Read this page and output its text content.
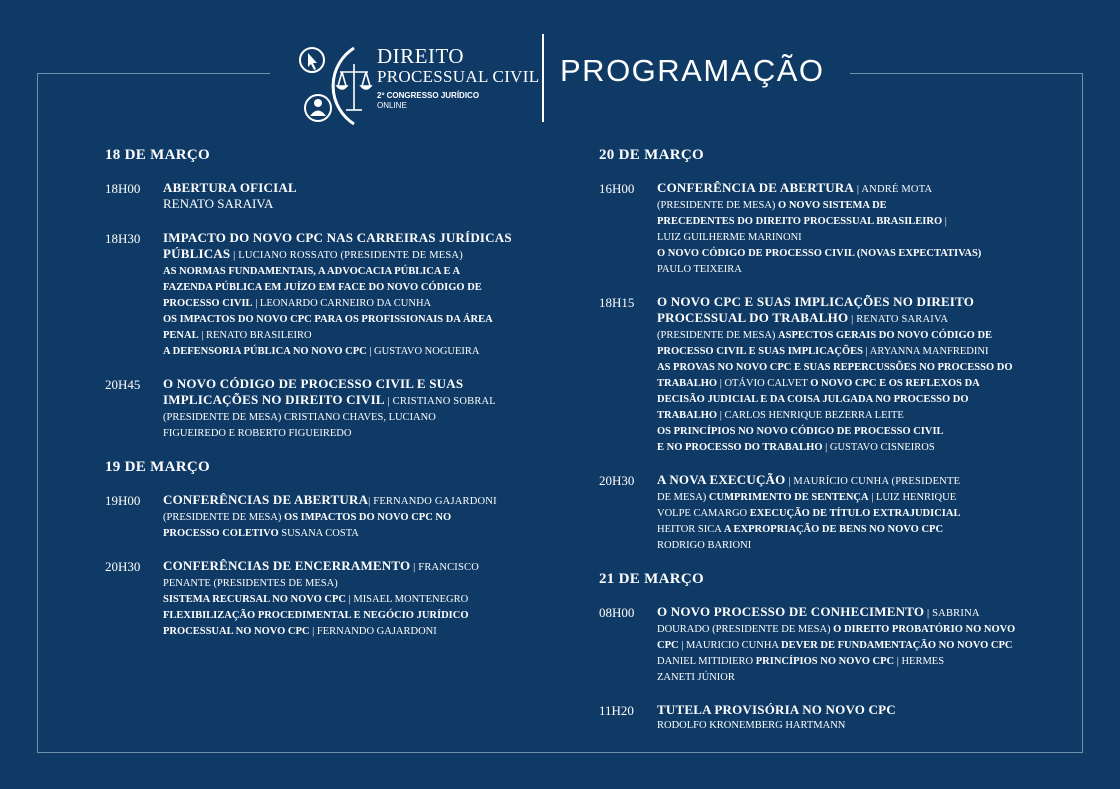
DIREITO
PROCESSUAL CIVIL
2º CONGRESSO JURÍDICO
ONLINE
PROGRAMAÇÃO
18 DE MARÇO
18H00	ABERTURA OFICIAL
RENATO SARAIVA
18H30	IMPACTO DO NOVO CPC NAS CARREIRAS JURÍDICAS
PÚBLICAS | LUCIANO ROSSATO (PRESIDENTE DE MESA)
AS NORMAS FUNDAMENTAIS, A ADVOCACIA PÚBLICA E A
FAZENDA PÚBLICA EM JUÍZO EM FACE DO NOVO CÓDIGO DE
PROCESSO CIVIL | LEONARDO CARNEIRO DA CUNHA
OS IMPACTOS DO NOVO CPC PARA OS PROFISSIONAIS DA ÁREA
PENAL | RENATO BRASILEIRO
A DEFENSORIA PÚBLICA NO NOVO CPC | GUSTAVO NOGUEIRA
20H45	O NOVO CÓDIGO DE PROCESSO CIVIL E SUAS
IMPLICAÇÕES NO DIREITO CIVIL | CRISTIANO SOBRAL
(PRESIDENTE DE MESA) CRISTIANO CHAVES, LUCIANO
FIGUEIREDO E ROBERTO FIGUEIREDO
19 DE MARÇO
19H00	CONFERÊNCIAS DE ABERTURA| FERNANDO GAJARDONI
(PRESIDENTE DE MESA) OS IMPACTOS DO NOVO CPC NO
PROCESSO COLETIVO SUSANA COSTA
20H30	CONFERÊNCIAS DE ENCERRAMENTO | FRANCISCO
PENANTE (PRESIDENTES DE MESA)
SISTEMA RECURSAL NO NOVO CPC | MISAEL MONTENEGRO
FLEXIBILIZAÇÃO PROCEDIMENTAL E NEGÓCIO JURÍDICO
PROCESSUAL NO NOVO CPC | FERNANDO GAJARDONI
20 DE MARÇO
16H00	CONFERÊNCIA DE ABERTURA | ANDRÉ MOTA
(PRESIDENTE DE MESA) O NOVO SISTEMA DE
PRECEDENTES DO DIREITO PROCESSUAL BRASILEIRO |
LUIZ GUILHERME MARINONI
O NOVO CÓDIGO DE PROCESSO CIVIL (NOVAS EXPECTATIVAS)
PAULO TEIXEIRA
18H15	O NOVO CPC E SUAS IMPLICAÇÕES NO DIREITO
PROCESSUAL DO TRABALHO | RENATO SARAIVA
(PRESIDENTE DE MESA) ASPECTOS GERAIS DO NOVO CÓDIGO DE
PROCESSO CIVIL E SUAS IMPLICAÇÕES | ARYANNA MANFREDINI
AS PROVAS NO NOVO CPC E SUAS REPERCUSSÕES NO PROCESSO DO
TRABALHO | OTÁVIO CALVET O NOVO CPC E OS REFLEXOS DA
DECISÃO JUDICIAL E DA COISA JULGADA NO PROCESSO DO
TRABALHO | CARLOS HENRIQUE BEZERRA LEITE
OS PRINCÍPIOS NO NOVO CÓDIGO DE PROCESSO CIVIL
E NO PROCESSO DO TRABALHO | GUSTAVO CISNEIROS
20H30	A NOVA EXECUÇÃO | MAURÍCIO CUNHA (PRESIDENTE
DE MESA) CUMPRIMENTO DE SENTENÇA | LUIZ HENRIQUE
VOLPE CAMARGO EXECUÇÃO DE TÍTULO EXTRAJUDICIAL
HEITOR SICA A EXPROPRIAÇÃO DE BENS NO NOVO CPC
RODRIGO BARIONI
21 DE MARÇO
08H00	O NOVO PROCESSO DE CONHECIMENTO | SABRINA
DOURADO (PRESIDENTE DE MESA) O DIREITO PROBATÓRIO NO NOVO
CPC | MAURICIO CUNHA DEVER DE FUNDAMENTAÇÃO NO NOVO CPC
DANIEL MITIDIERO PRINCÍPIOS NO NOVO CPC | HERMES
ZANETI JÚNIOR
11H20	TUTELA PROVISÓRIA NO NOVO CPC
RODOLFO KRONEMBERG HARTMANN
